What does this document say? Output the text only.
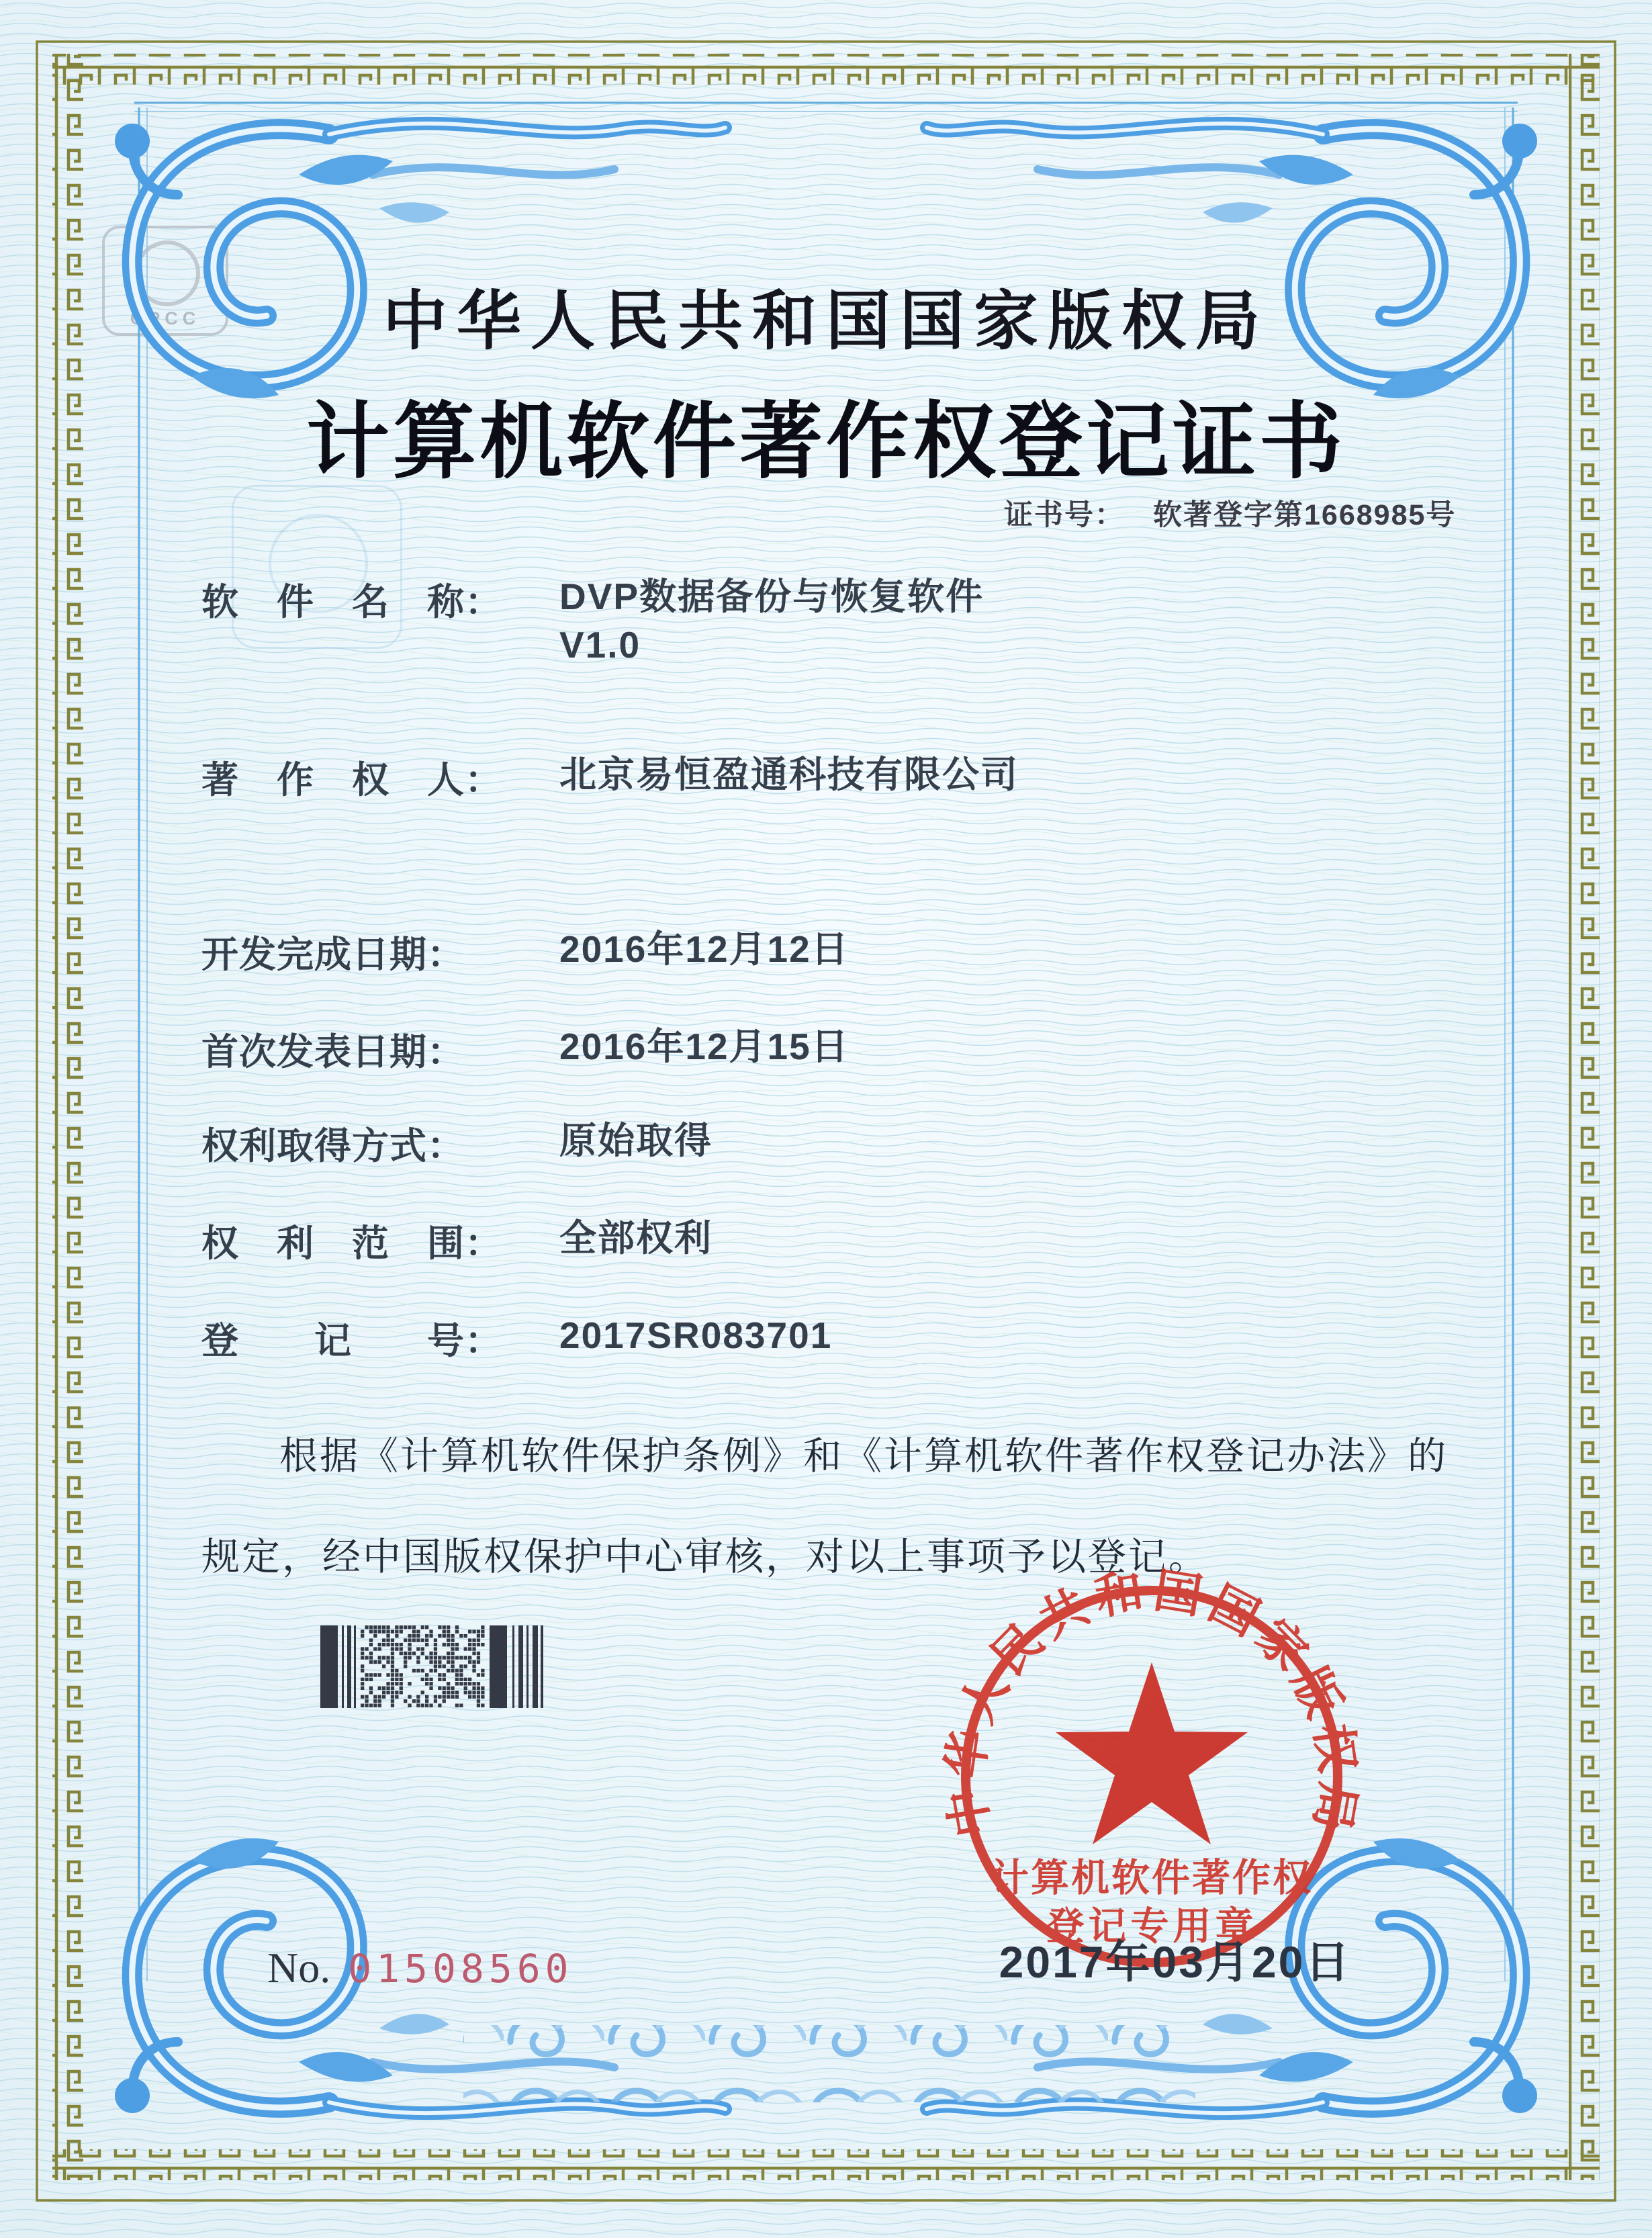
CPCC	中华人民共和国国家版权局
计算机软件著作权登记证书
证书号： 软著登字第1668985号
软　件　名　称：	DVP数据备份与恢复软件
V1.0
著　作　权　人：	北京易恒盈通科技有限公司
开发完成日期：	2016年12月12日
首次发表日期：	2016年12月15日
权利取得方式：	原始取得
权　利　范　围：	全部权利
登　　记　　号：	2017SR083701
根据《计算机软件保护条例》和《计算机软件著作权登记办法》的
规定，经中国版权保护中心审核，对以上事项予以登记。
中华人民共和国国家版权局
计算机软件著作权
登记专用章
2017年03月20日
No. 01508560
